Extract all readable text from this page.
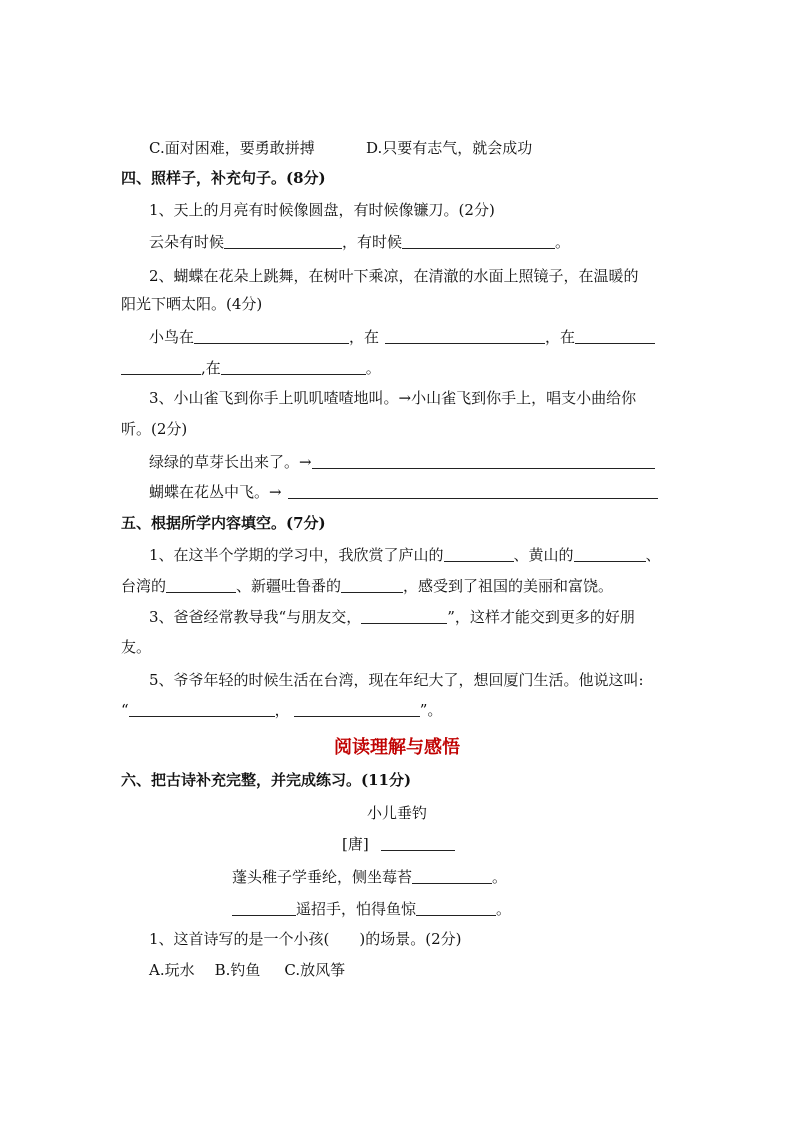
C.面对困难，要勇敢拼搏	D.只要有志气，就会成功
四、照样子，补充句子。(8分)
1、天上的月亮有时候像圆盘，有时候像镰刀。(2分)
云朵有时候	，有时候	。
2、蝴蝶在花朵上跳舞，在树叶下乘凉，在清澈的水面上照镜子，在温暖的
阳光下晒太阳。(4分)
小鸟在	，在	，在
,在	。
3、小山雀飞到你手上叽叽喳喳地叫。→小山雀飞到你手上，唱支小曲给你
听。(2分)
绿绿的草芽长出来了。→
蝴蝶在花丛中飞。→
五、根据所学内容填空。(7分)
1、在这半个学期的学习中，我欣赏了庐山的	、黄山的	、
台湾的	、新疆吐鲁番的	，感受到了祖国的美丽和富饶。
3、爸爸经常教导我“与朋友交，	”，这样才能交到更多的好朋
友。
5、爷爷年轻的时候生活在台湾，现在年纪大了，想回厦门生活。他说这叫:
“	，	”。
阅读理解与感悟
六、把古诗补充完整，并完成练习。(11分)
小儿垂钓
[唐]
蓬头稚子学垂纶，侧坐莓苔	。
遥招手，怕得鱼惊	。
1、这首诗写的是一个小孩(　　)的场景。(2分)
A.玩水 B.钓鱼 C.放风筝
